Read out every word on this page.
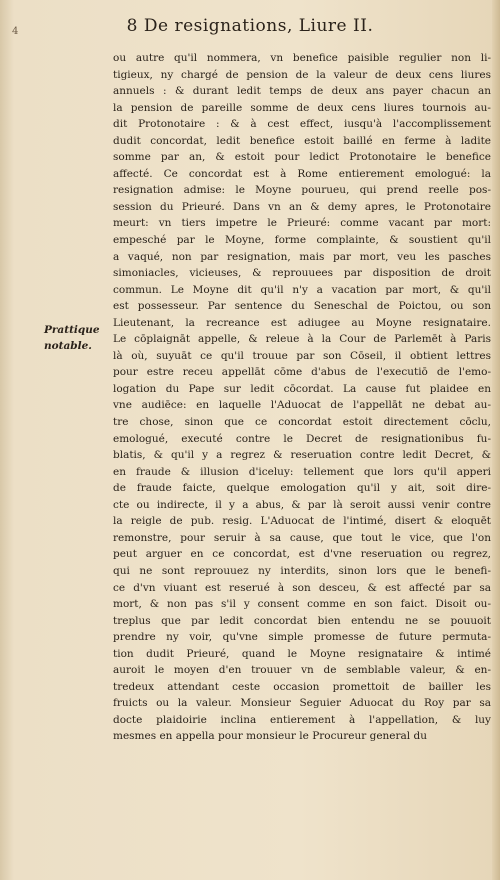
4	8 De resignations, Liure II.
Prattique
notable.
ou autre qu'il nommera, vn benefice paisible regulier non li-
tigieux, ny chargé de pension de la valeur de deux cens liures
annuels : & durant ledit temps de deux ans payer chacun an
la pension de pareille somme de deux cens liures tournois au-
dit Protonotaire : & à cest effect, iusqu'à l'accomplissement
dudit concordat, ledit benefice estoit baillé en ferme à ladite
somme par an, & estoit pour ledict Protonotaire le benefice
affecté. Ce concordat est à Rome entierement emologué: la
resignation admise: le Moyne pourueu, qui prend reelle pos-
session du Prieuré. Dans vn an & demy apres, le Protonotaire
meurt: vn tiers impetre le Prieuré: comme vacant par mort:
empesché par le Moyne, forme complainte, & soustient qu'il
a vaqué, non par resignation, mais par mort, veu les pasches
simoniacles, vicieuses, & reprouuees par disposition de droit
commun. Le Moyne dit qu'il n'y a vacation par mort, & qu'il
est possesseur. Par sentence du Seneschal de Poictou, ou son
Lieutenant, la recreance est adiugee au Moyne resignataire.
Le cōplaignāt appelle, & releue à la Cour de Parlemēt à Paris
là où, suyuāt ce qu'il trouue par son Cōseil, il obtient lettres
pour estre receu appellāt cōme d'abus de l'executiō de l'emo-
logation du Pape sur ledit cōcordat. La cause fut plaidee en
vne audiēce: en laquelle l'Aduocat de l'appellāt ne debat au-
tre chose, sinon que ce concordat estoit directement cōclu,
emologué, executé contre le Decret de resignationibus fu-
blatis, & qu'il y a regrez & reseruation contre ledit Decret, &
en fraude & illusion d'iceluy: tellement que lors qu'il apperi
de fraude faicte, quelque emologation qu'il y ait, soit dire-
cte ou indirecte, il y a abus, & par là seroit aussi venir contre
la reigle de pub. resig. L'Aduocat de l'intimé, disert & eloquēt
remonstre, pour seruir à sa cause, que tout le vice, que l'on
peut arguer en ce concordat, est d'vne reseruation ou regrez,
qui ne sont reprouuez ny interdits, sinon lors que le benefi-
ce d'vn viuant est reserué à son desceu, & est affecté par sa
mort, & non pas s'il y consent comme en son faict. Disoit ou-
treplus que par ledit concordat bien entendu ne se pouuoit
prendre ny voir, qu'vne simple promesse de future permuta-
tion dudit Prieuré, quand le Moyne resignataire & intimé
auroit le moyen d'en trouuer vn de semblable valeur, & en-
tredeux attendant ceste occasion promettoit de bailler les
fruicts ou la valeur. Monsieur Seguier Aduocat du Roy par sa
docte plaidoirie inclina entierement à l'appellation, & luy
mesmes en appella pour monsieur le Procureur general du
